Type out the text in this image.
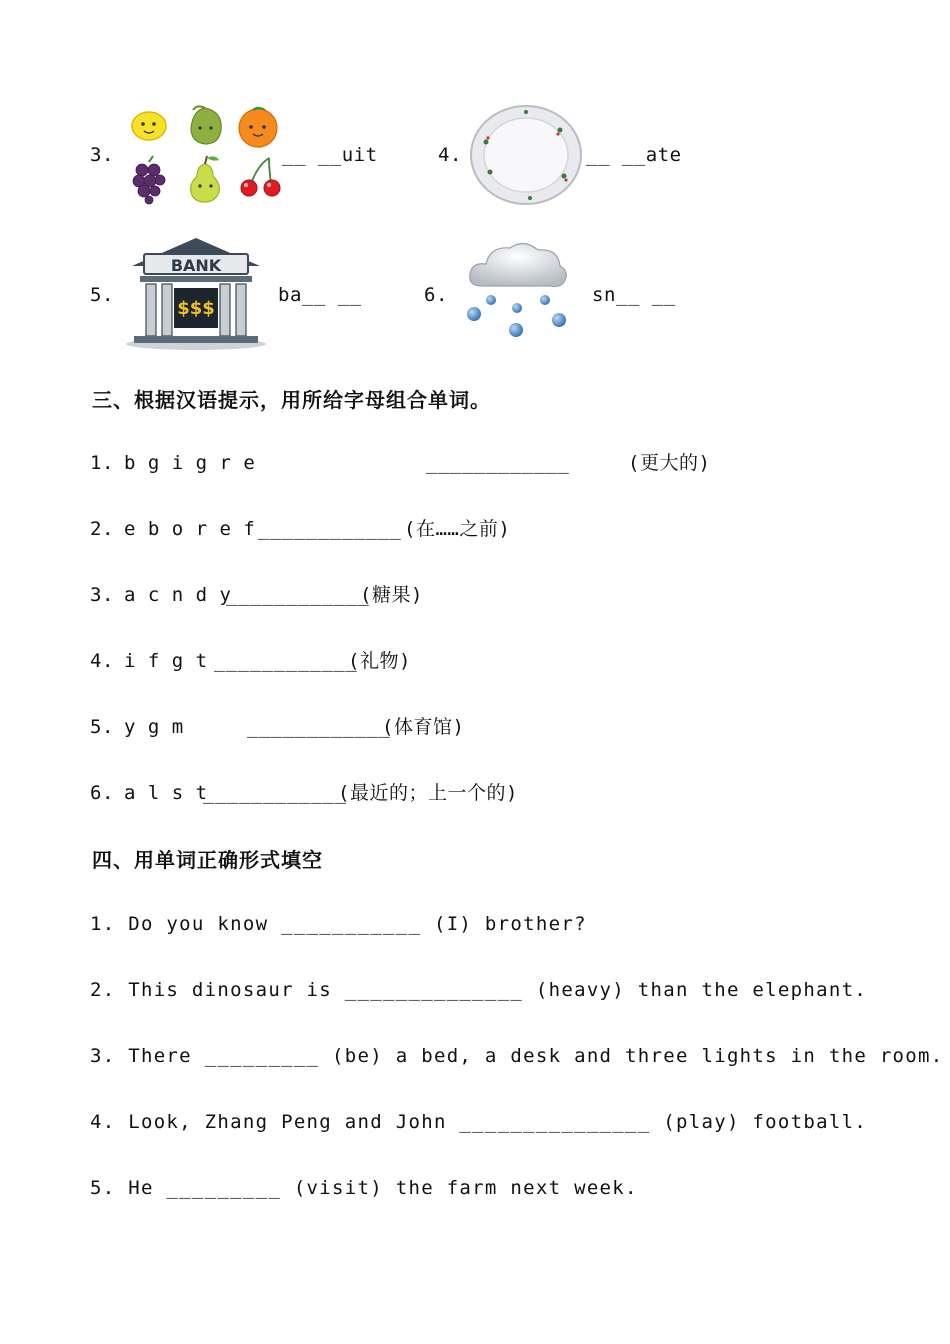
3.	__ __uit	4.	__ __ate
5.
BANK
$$$
ba__ __	6.	sn__ __
三、根据汉语提示，用所给字母组合单词。
1. b g i g r e	____________	(更大的)
2. e b o r e f ____________ (在……之前)
3. a c n d y
____________
(糖果)
4. i f g t ____________
(礼物)
5. y g m	____________
(体育馆)
6. a l s t
____________
(最近的；上一个的)
四、用单词正确形式填空
1. Do you know ___________ (I) brother?
2. This dinosaur is ______________ (heavy) than the elephant.
3. There _________ (be) a bed, a desk and three lights in the room.
4. Look, Zhang Peng and John _______________ (play) football.
5. He _________ (visit) the farm next week.
